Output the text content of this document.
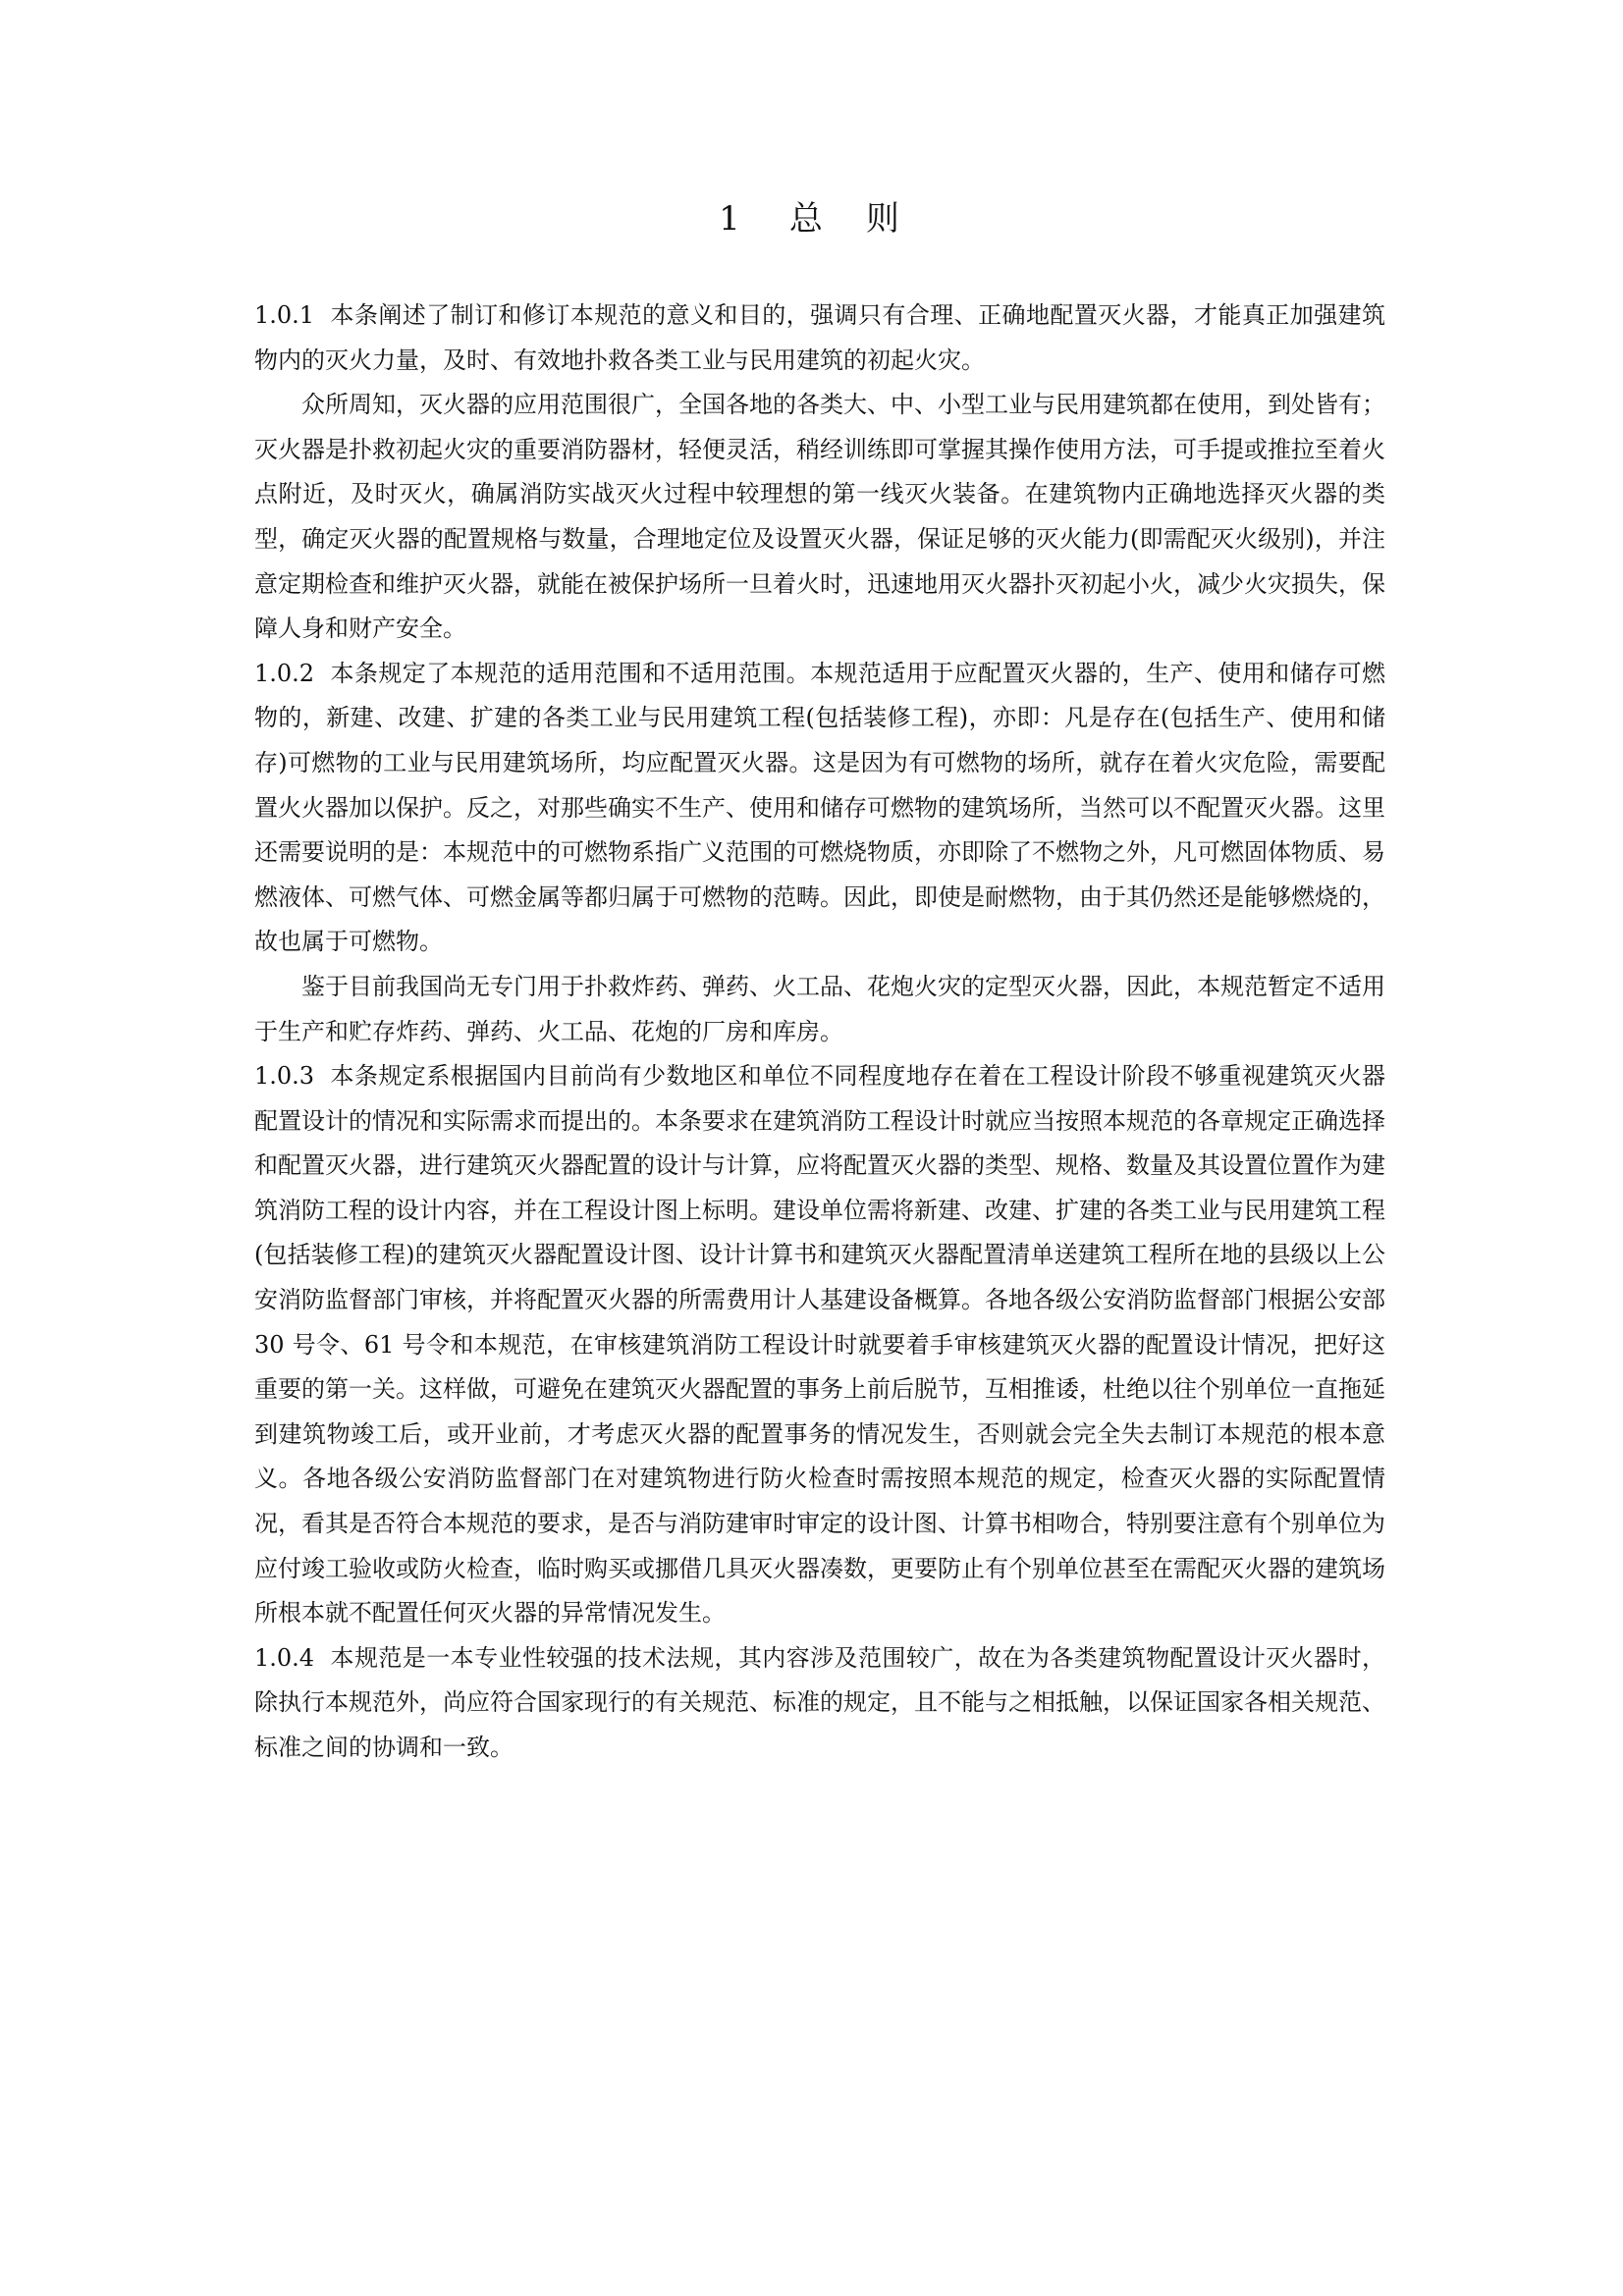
1 总 则

1.0.1 本条阐述了制订和修订本规范的意义和目的，强调只有合理、正确地配置灭火器，才能真正加强建筑物内的灭火力量，及时、有效地扑救各类工业与民用建筑的初起火灾。

众所周知，灭火器的应用范围很广，全国各地的各类大、中、小型工业与民用建筑都在使用，到处皆有；灭火器是扑救初起火灾的重要消防器材，轻便灵活，稍经训练即可掌握其操作使用方法，可手提或推拉至着火点附近，及时灭火，确属消防实战灭火过程中较理想的第一线灭火装备。在建筑物内正确地选择灭火器的类型，确定灭火器的配置规格与数量，合理地定位及设置灭火器，保证足够的灭火能力(即需配灭火级别)，并注意定期检查和维护灭火器，就能在被保护场所一旦着火时，迅速地用灭火器扑灭初起小火，减少火灾损失，保障人身和财产安全。

1.0.2 本条规定了本规范的适用范围和不适用范围。本规范适用于应配置灭火器的，生产、使用和储存可燃物的，新建、改建、扩建的各类工业与民用建筑工程(包括装修工程)，亦即：凡是存在(包括生产、使用和储存)可燃物的工业与民用建筑场所，均应配置灭火器。这是因为有可燃物的场所，就存在着火灾危险，需要配置火火器加以保护。反之，对那些确实不生产、使用和储存可燃物的建筑场所，当然可以不配置灭火器。这里还需要说明的是：本规范中的可燃物系指广义范围的可燃烧物质，亦即除了不燃物之外，凡可燃固体物质、易燃液体、可燃气体、可燃金属等都归属于可燃物的范畴。因此，即使是耐燃物，由于其仍然还是能够燃烧的，故也属于可燃物。

鉴于目前我国尚无专门用于扑救炸药、弹药、火工品、花炮火灾的定型灭火器，因此，本规范暂定不适用于生产和贮存炸药、弹药、火工品、花炮的厂房和库房。

1.0.3 本条规定系根据国内目前尚有少数地区和单位不同程度地存在着在工程设计阶段不够重视建筑灭火器配置设计的情况和实际需求而提出的。本条要求在建筑消防工程设计时就应当按照本规范的各章规定正确选择和配置灭火器，进行建筑灭火器配置的设计与计算，应将配置灭火器的类型、规格、数量及其设置位置作为建筑消防工程的设计内容，并在工程设计图上标明。建设单位需将新建、改建、扩建的各类工业与民用建筑工程(包括装修工程)的建筑灭火器配置设计图、设计计算书和建筑灭火器配置清单送建筑工程所在地的县级以上公安消防监督部门审核，并将配置灭火器的所需费用计人基建设备概算。各地各级公安消防监督部门根据公安部 30 号令、61 号令和本规范，在审核建筑消防工程设计时就要着手审核建筑灭火器的配置设计情况，把好这重要的第一关。这样做，可避免在建筑灭火器配置的事务上前后脱节，互相推诿，杜绝以往个别单位一直拖延到建筑物竣工后，或开业前，才考虑灭火器的配置事务的情况发生，否则就会完全失去制订本规范的根本意义。各地各级公安消防监督部门在对建筑物进行防火检查时需按照本规范的规定，检查灭火器的实际配置情况，看其是否符合本规范的要求，是否与消防建审时审定的设计图、计算书相吻合，特别要注意有个别单位为应付竣工验收或防火检查，临时购买或挪借几具灭火器凑数，更要防止有个别单位甚至在需配灭火器的建筑场所根本就不配置任何灭火器的异常情况发生。

1.0.4 本规范是一本专业性较强的技术法规，其内容涉及范围较广，故在为各类建筑物配置设计灭火器时，除执行本规范外，尚应符合国家现行的有关规范、标准的规定，且不能与之相抵触，以保证国家各相关规范、标准之间的协调和一致。
